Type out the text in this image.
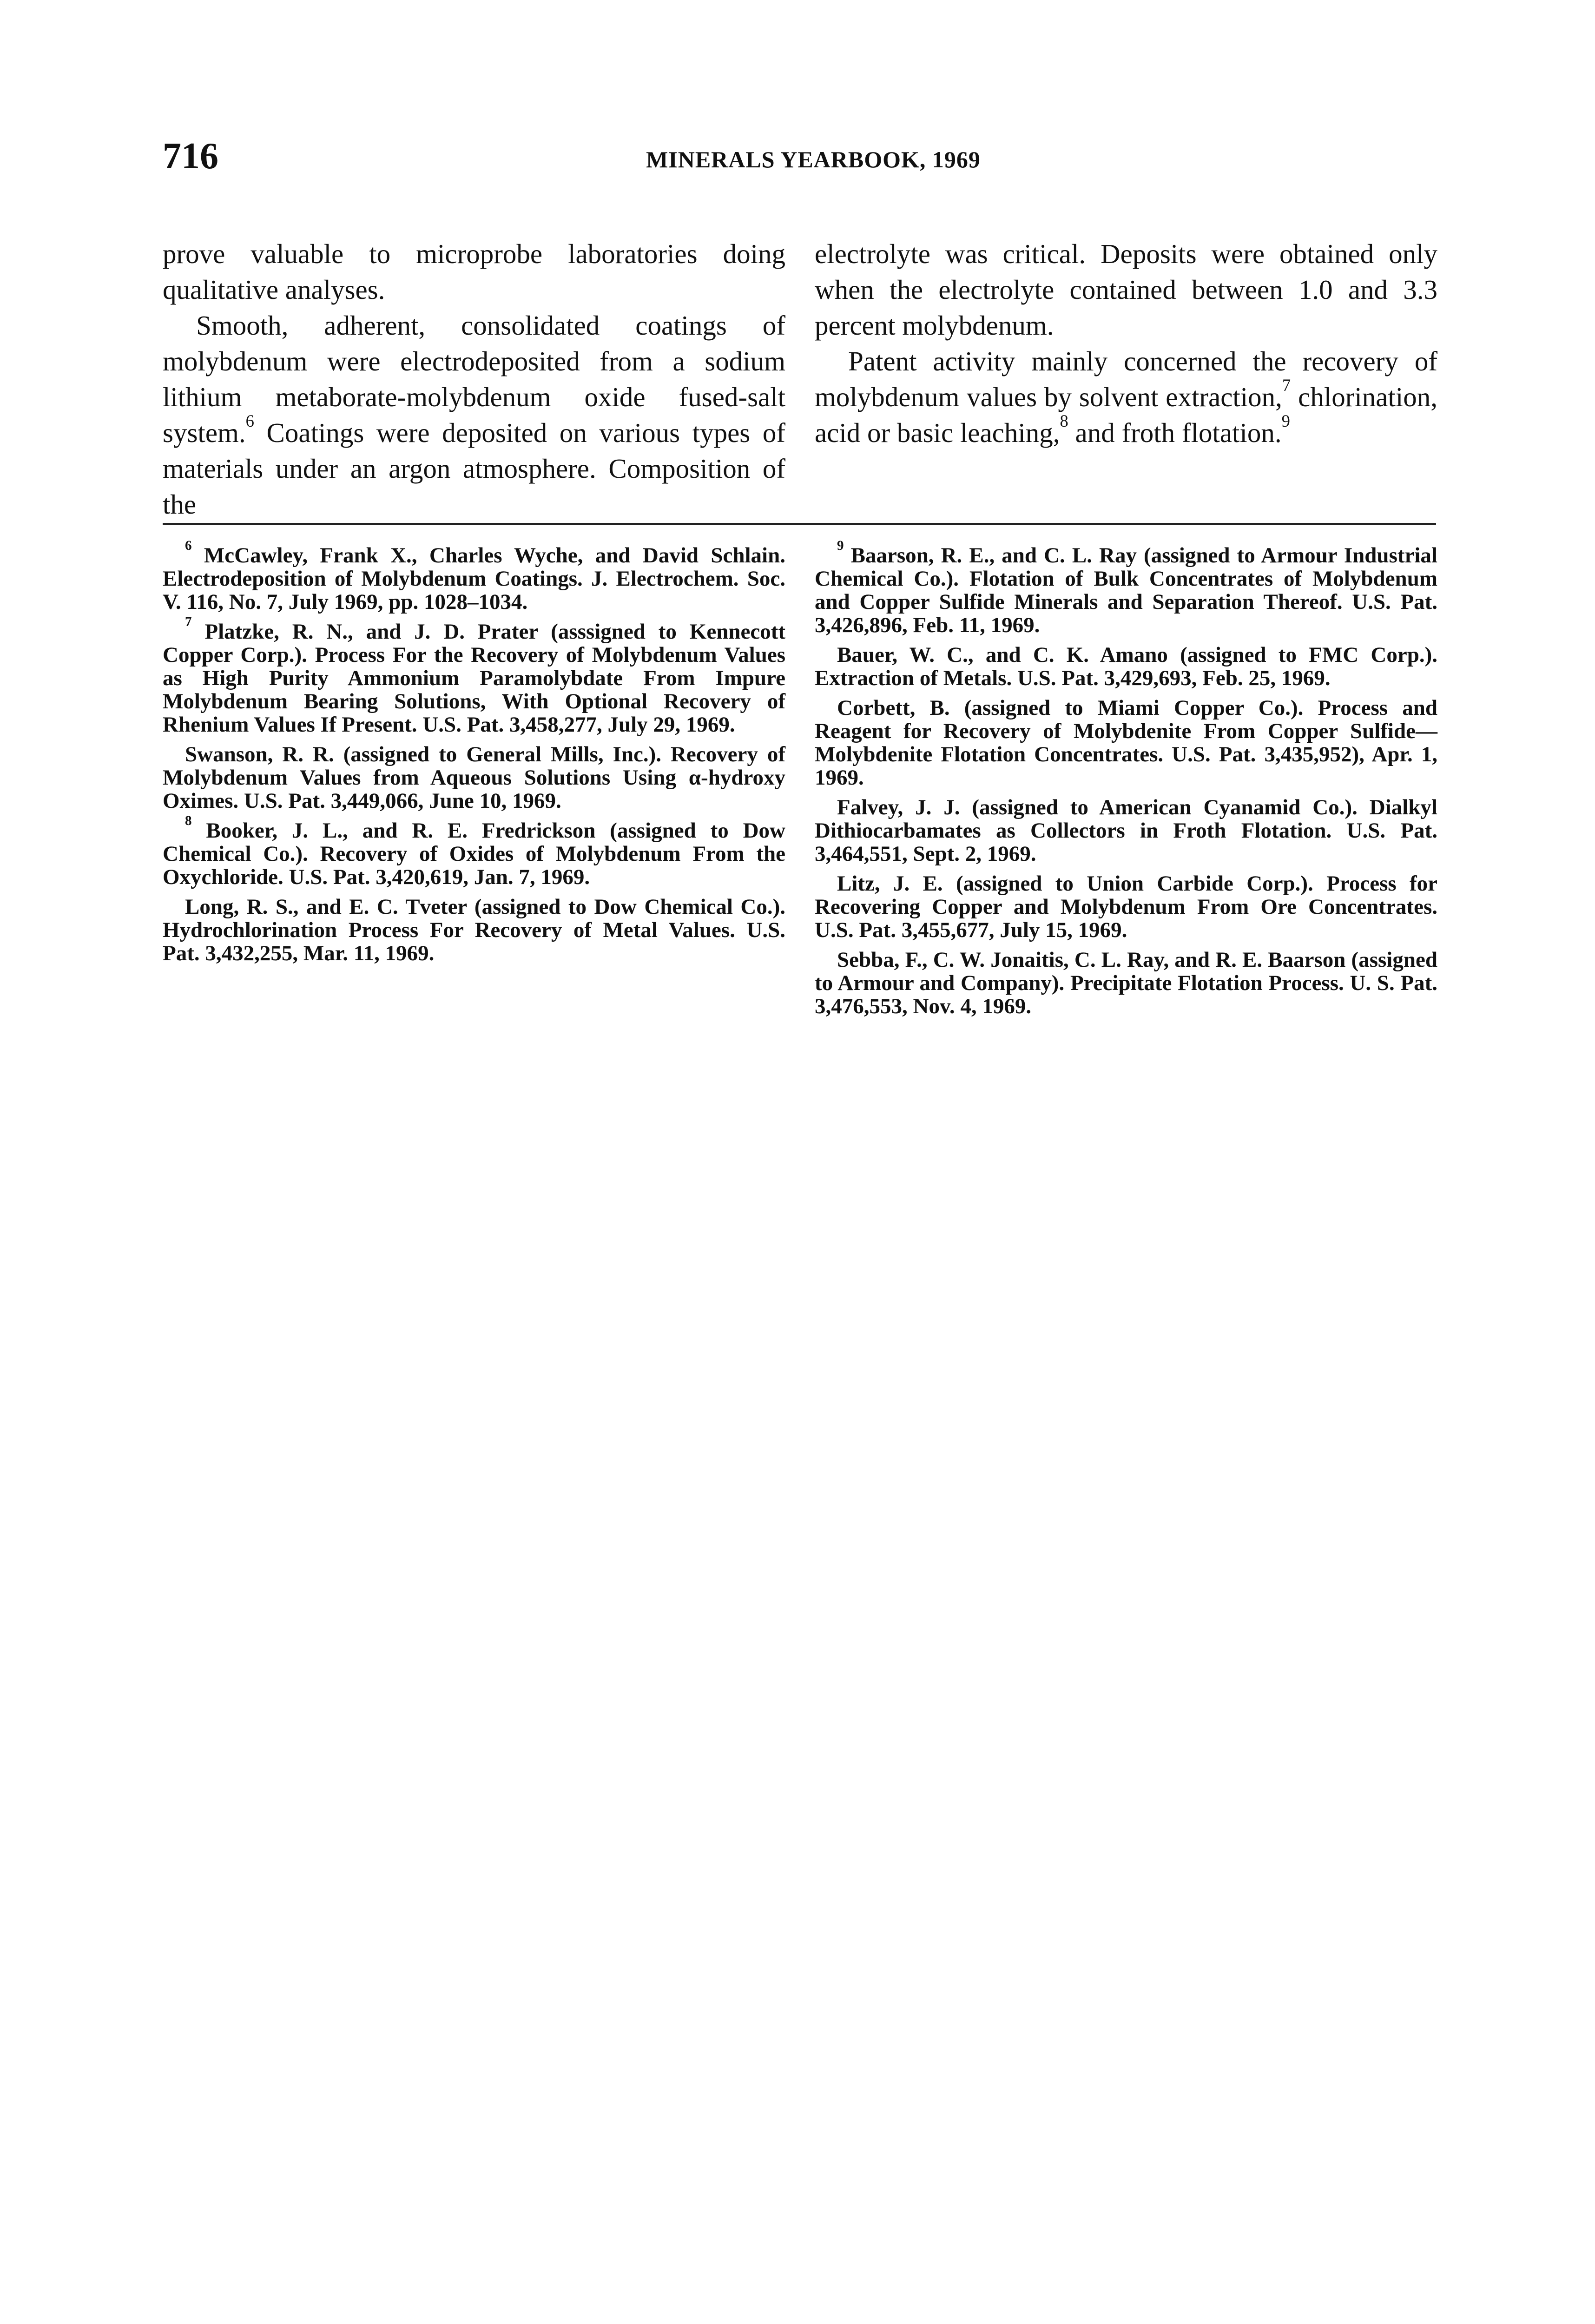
716	MINERALS YEARBOOK, 1969

prove valuable to microprobe laboratories doing qualitative analyses.

Smooth, adherent, consolidated coatings of molybdenum were electrodeposited from a sodium lithium metaborate-molybdenum oxide fused-salt system.$^6$ Coatings were deposited on various types of materials under an argon atmosphere. Composition of the

electrolyte was critical. Deposits were obtained only when the electrolyte contained between 1.0 and 3.3 percent molybdenum.

Patent activity mainly concerned the recovery of molybdenum values by solvent extraction,$^7$ chlorination, acid or basic leaching,$^8$ and froth flotation.$^9$

$^6$ McCawley, Frank X., Charles Wyche, and David Schlain. Electrodeposition of Molybdenum Coatings. J. Electrochem. Soc. V. 116, No. 7, July 1969, pp. 1028–1034.

$^7$ Platzke, R. N., and J. D. Prater (asssigned to Kennecott Copper Corp.). Process For the Recovery of Molybdenum Values as High Purity Ammonium Paramolybdate From Impure Molybdenum Bearing Solutions, With Optional Recovery of Rhenium Values If Present. U.S. Pat. 3,458,277, July 29, 1969.

Swanson, R. R. (assigned to General Mills, Inc.). Recovery of Molybdenum Values from Aqueous Solutions Using α-hydroxy Oximes. U.S. Pat. 3,449,066, June 10, 1969.

$^8$ Booker, J. L., and R. E. Fredrickson (assigned to Dow Chemical Co.). Recovery of Oxides of Molybdenum From the Oxychloride. U.S. Pat. 3,420,619, Jan. 7, 1969.

Long, R. S., and E. C. Tveter (assigned to Dow Chemical Co.). Hydrochlorination Process For Recovery of Metal Values. U.S. Pat. 3,432,255, Mar. 11, 1969.

$^9$ Baarson, R. E., and C. L. Ray (assigned to Armour Industrial Chemical Co.). Flotation of Bulk Concentrates of Molybdenum and Copper Sulfide Minerals and Separation Thereof. U.S. Pat. 3,426,896, Feb. 11, 1969.

Bauer, W. C., and C. K. Amano (assigned to FMC Corp.). Extraction of Metals. U.S. Pat. 3,429,693, Feb. 25, 1969.

Corbett, B. (assigned to Miami Copper Co.). Process and Reagent for Recovery of Molybdenite From Copper Sulfide—Molybdenite Flotation Concentrates. U.S. Pat. 3,435,952), Apr. 1, 1969.

Falvey, J. J. (assigned to American Cyanamid Co.). Dialkyl Dithiocarbamates as Collectors in Froth Flotation. U.S. Pat. 3,464,551, Sept. 2, 1969.

Litz, J. E. (assigned to Union Carbide Corp.). Process for Recovering Copper and Molybdenum From Ore Concentrates. U.S. Pat. 3,455,677, July 15, 1969.

Sebba, F., C. W. Jonaitis, C. L. Ray, and R. E. Baarson (assigned to Armour and Company). Precipitate Flotation Process. U. S. Pat. 3,476,553, Nov. 4, 1969.
